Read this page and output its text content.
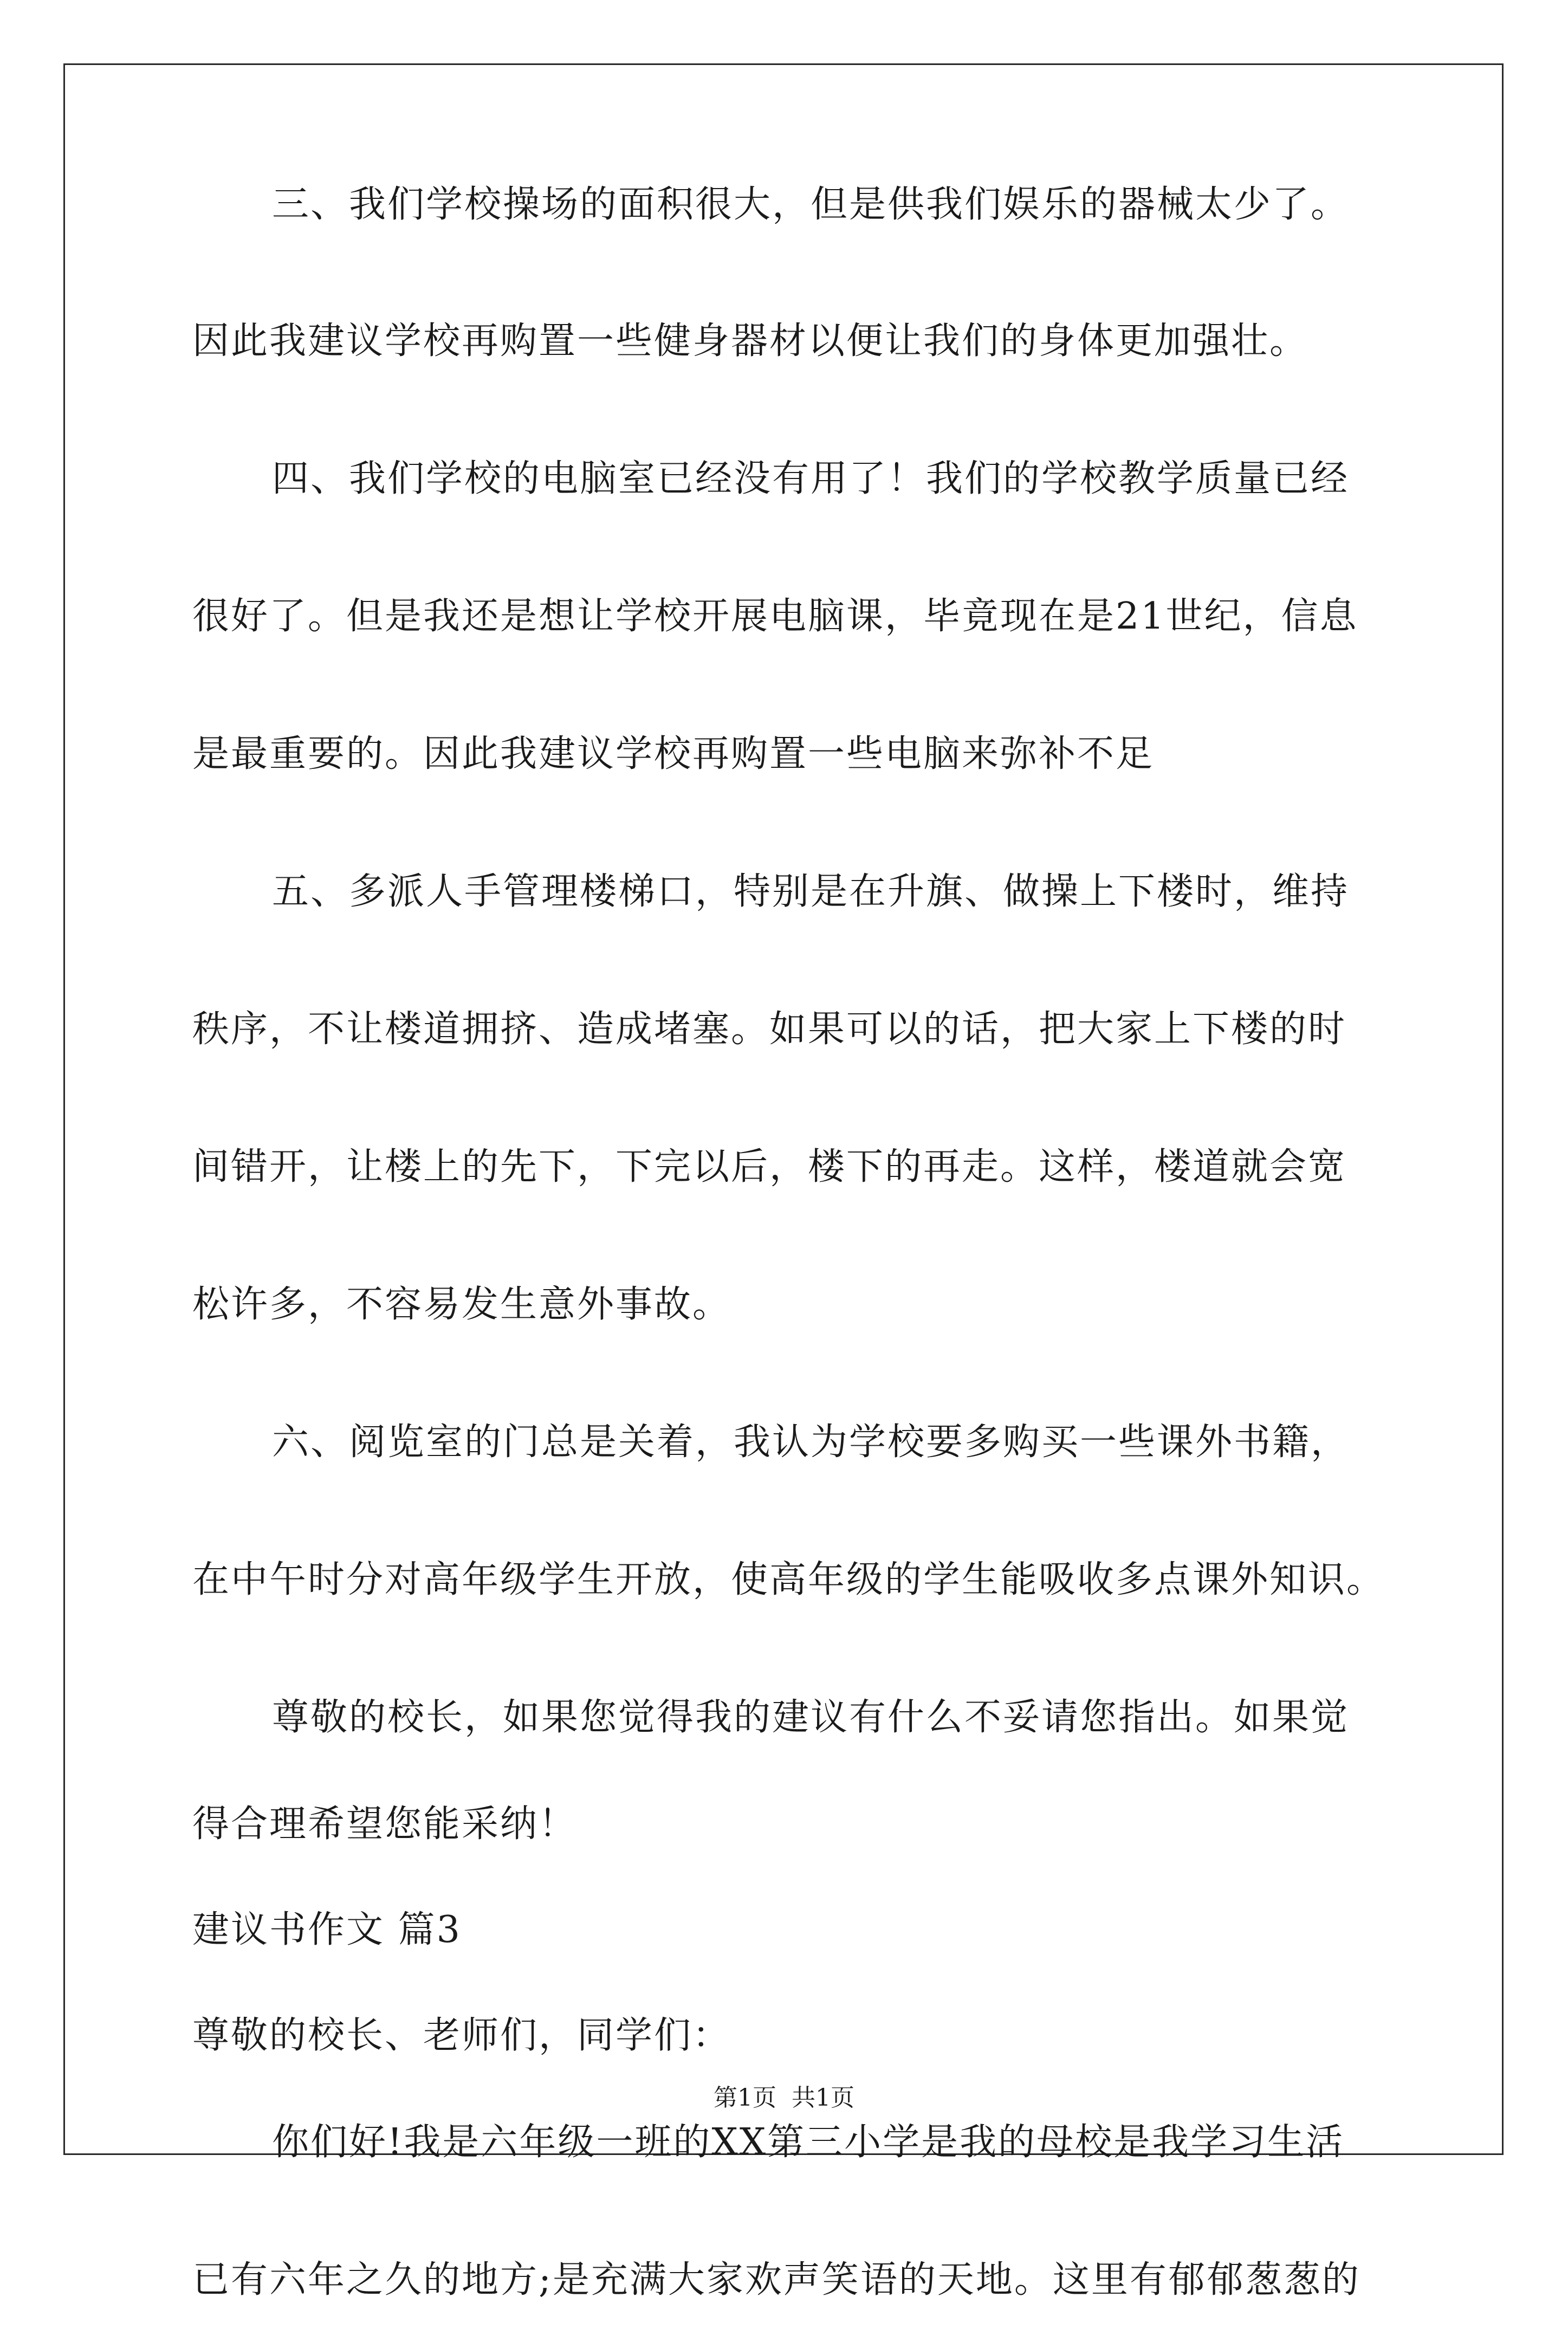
三、我们学校操场的面积很大，但是供我们娱乐的器械太少了。
因此我建议学校再购置一些健身器材以便让我们的身体更加强壮。
四、我们学校的电脑室已经没有用了！我们的学校教学质量已经
很好了。但是我还是想让学校开展电脑课，毕竟现在是21世纪，信息
是最重要的。因此我建议学校再购置一些电脑来弥补不足
五、多派人手管理楼梯口，特别是在升旗、做操上下楼时，维持
秩序，不让楼道拥挤、造成堵塞。如果可以的话，把大家上下楼的时
间错开，让楼上的先下，下完以后，楼下的再走。这样，楼道就会宽
松许多，不容易发生意外事故。
六、阅览室的门总是关着，我认为学校要多购买一些课外书籍，
在中午时分对高年级学生开放，使高年级的学生能吸收多点课外知识。
尊敬的校长，如果您觉得我的建议有什么不妥请您指出。如果觉
得合理希望您能采纳！
建议书作文 篇3
尊敬的校长、老师们，同学们：
你们好!我是六年级一班的XX第三小学是我的母校是我学习生活
已有六年之久的地方;是充满大家欢声笑语的天地。这里有郁郁葱葱的
第1页  共1页
